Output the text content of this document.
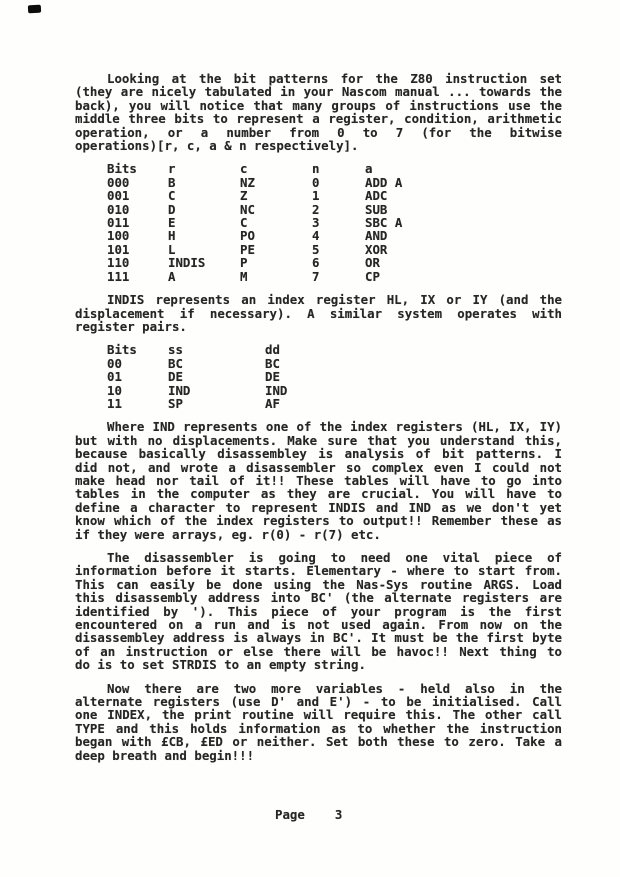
Looking at the bit patterns for the Z80 instruction set
(they are nicely tabulated in your Nascom manual ... towards the
back), you will notice that many groups of instructions use the
middle three bits to represent a register, condition, arithmetic
operation, or a number from 0 to 7 (for the bitwise
operations)[r, c, a & n respectively].
Bits	r	c	n	a
000	B	NZ	0	ADD A
001	C	Z	1	ADC
010	D	NC	2	SUB
011	E	C	3	SBC A
100	H	PO	4	AND
101	L	PE	5	XOR
110	INDIS	P	6	OR
111	A	M	7	CP
INDIS represents an index register HL, IX or IY (and the
displacement if necessary). A similar system operates with
register pairs.
Bits	ss	dd
00	BC	BC
01	DE	DE
10	IND	IND
11	SP	AF
Where IND represents one of the index registers (HL, IX, IY)
but with no displacements. Make sure that you understand this,
because basically disassembley is analysis of bit patterns. I
did not, and wrote a disassembler so complex even I could not
make head nor tail of it!! These tables will have to go into
tables in the computer as they are crucial. You will have to
define a character to represent INDIS and IND as we don't yet
know which of the index registers to output!! Remember these as
if they were arrays, eg. r(0) - r(7) etc.
The disassembler is going to need one vital piece of
information before it starts. Elementary - where to start from.
This can easily be done using the Nas-Sys routine ARGS. Load
this disassembly address into BC' (the alternate registers are
identified by '). This piece of your program is the first
encountered on a run and is not used again. From now on the
disassembley address is always in BC'. It must be the first byte
of an instruction or else there will be havoc!! Next thing to
do is to set STRDIS to an empty string.
Now there are two more variables - held also in the
alternate registers (use D' and E') - to be initialised. Call
one INDEX, the print routine will require this. The other call
TYPE and this holds information as to whether the instruction
began with £CB, £ED or neither. Set both these to zero. Take a
deep breath and begin!!!
Page 3
